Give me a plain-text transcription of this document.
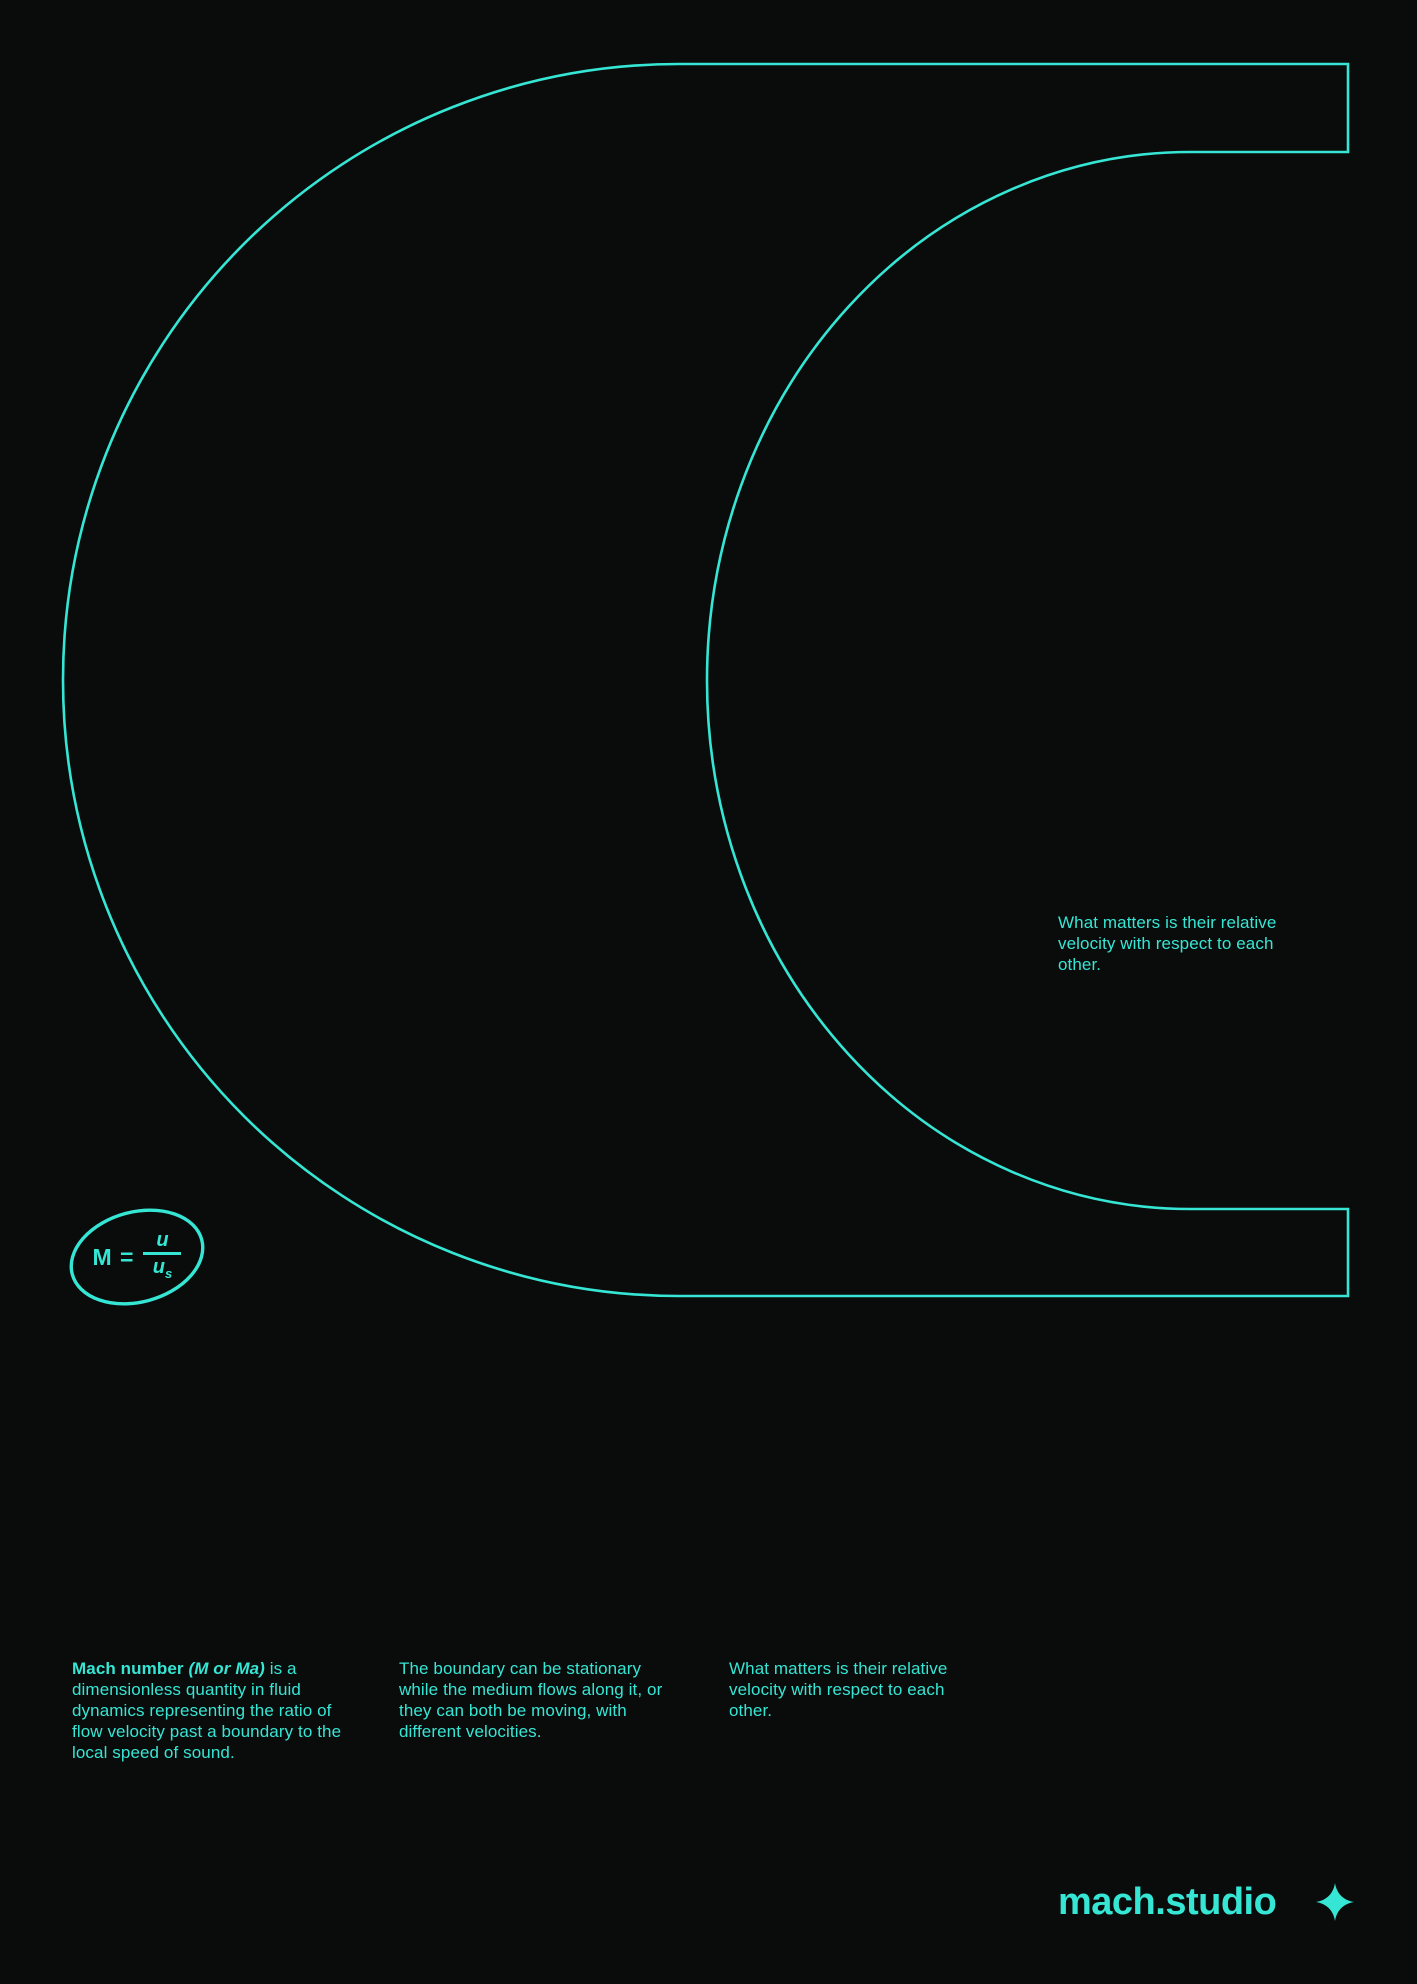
What matters is their relative velocity with respect to each other.

$M = \frac{u}{u_s}$

Mach number (M or Ma) is a dimensionless quantity in fluid dynamics representing the ratio of flow velocity past a boundary to the local speed of sound.

The boundary can be stationary while the medium flows along it, or they can both be moving, with different velocities.

What matters is their relative velocity with respect to each other.

mach.studio
